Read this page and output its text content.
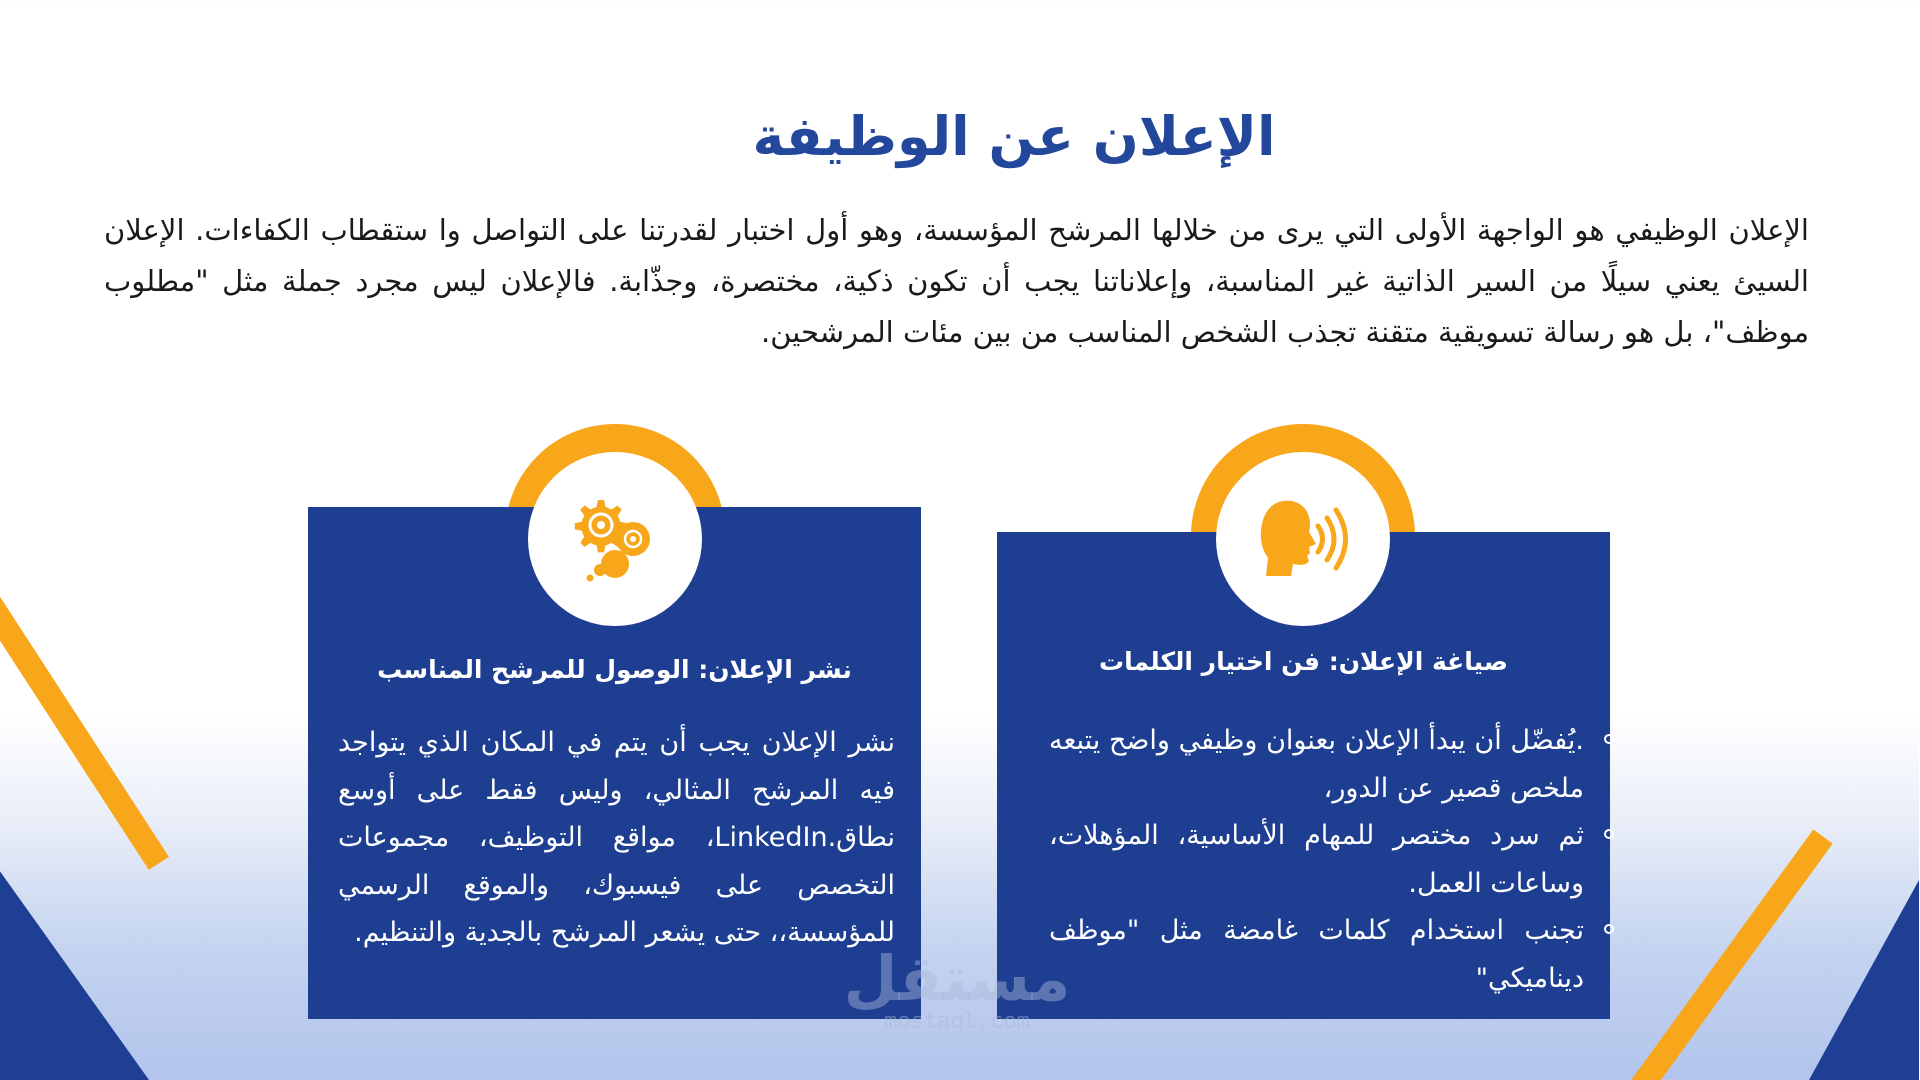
الإعلان عن الوظيفة

الإعلان الوظيفي هو الواجهة الأولى التي يرى من خلالها المرشح المؤسسة، وهو أول اختبار لقدرتنا على التواصل وا ستقطاب الكفاءات. الإعلان السيئ يعني سيلًا من السير الذاتية غير المناسبة، وإعلاناتنا يجب أن تكون ذكية، مختصرة، وجذّابة. فالإعلان ليس مجرد جملة مثل "مطلوب موظف"، بل هو رسالة تسويقية متقنة تجذب الشخص المناسب من بين مئات المرشحين.

نشر الإعلان: الوصول للمرشح المناسب
نشر الإعلان يجب أن يتم في المكان الذي يتواجد فيه المرشح المثالي، وليس فقط على أوسع نطاق.LinkedIn، مواقع التوظيف، مجموعات التخصص على فيسبوك، والموقع الرسمي للمؤسسة،، حتى يشعر المرشح بالجدية والتنظيم.
صياغة الإعلان: فن اختيار الكلمات
.يُفضّل أن يبدأ الإعلان بعنوان وظيفي واضح يتبعه ملخص قصير عن الدور،
ثم سرد مختصر للمهام الأساسية، المؤهلات، وساعات العمل.
تجنب استخدام كلمات غامضة مثل "موظف ديناميكي"
مستقل
mostaql.com
